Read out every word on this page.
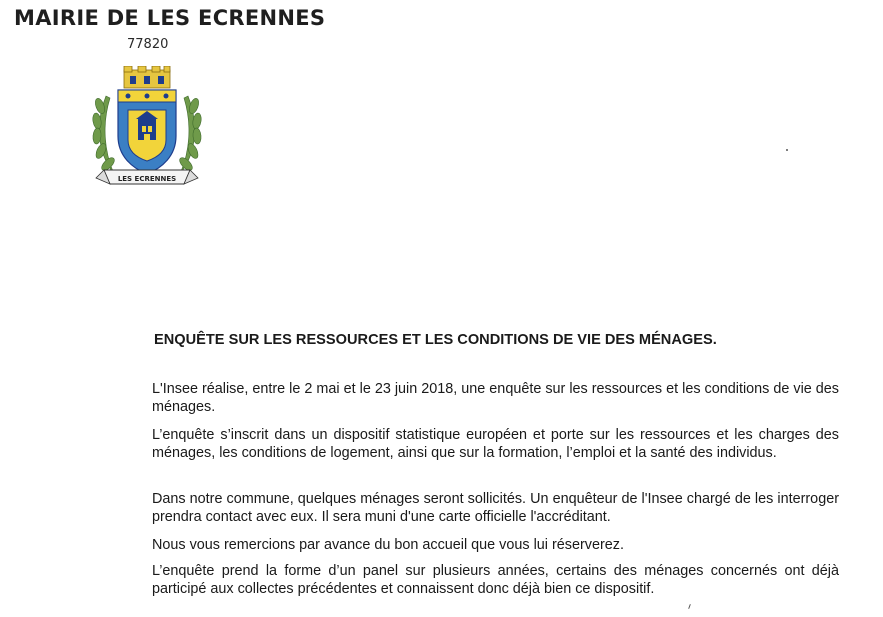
MAIRIE DE LES ECRENNES
77820
LES ECRENNES
ENQUÊTE SUR LES RESSOURCES ET LES CONDITIONS DE VIE DES MÉNAGES.
L'Insee réalise, entre le 2 mai et le 23 juin 2018, une enquête sur les ressources et les conditions de vie des ménages.
L’enquête s’inscrit dans un dispositif statistique européen et porte sur les ressources et les charges des ménages, les conditions de logement, ainsi que sur la formation, l’emploi et la santé des individus.
Dans notre commune, quelques ménages seront sollicités. Un enquêteur de l'Insee chargé de les interroger prendra contact avec eux. Il sera muni d'une carte officielle l'accréditant.
Nous vous remercions par avance du bon accueil que vous lui réserverez.
L’enquête prend la forme d’un panel sur plusieurs années, certains des ménages concernés ont déjà participé aux collectes précédentes et connaissent donc déjà bien ce dispositif.
